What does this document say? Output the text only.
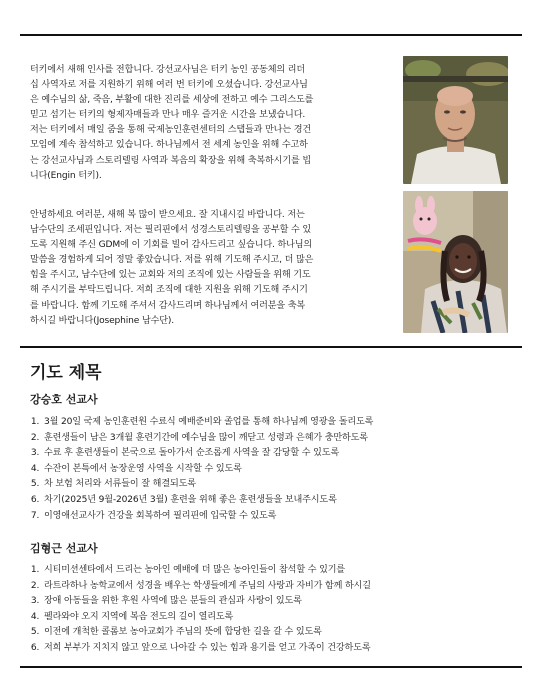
터키에서 새해 인사를 전합니다. 강선교사님은 터키 농인 공동체의 리더
십 사역자로 저를 지원하기 위해 여러 번 터키에 오셨습니다. 강선교사님
은 예수님의 삶, 죽음, 부활에 대한 진리를 세상에 전하고 예수 그리스도를
믿고 섬기는 터키의 형제자매들과 만나 매우 즐거운 시간을 보냈습니다.
저는 터키에서 매일 줌을 통해 국제농인훈련센터의 스탭들과 만나는 경건
모임에 계속 참석하고 있습니다. 하나님께서 전 세계 농인을 위해 수고하
는 강선교사님과 스토리텔링 사역과 복음의 확장을 위해 축복하시기를 빕
니다(Engin 터키).

안녕하세요 여러분, 새해 복 많이 받으세요. 잘 지내시길 바랍니다. 저는
남수단의 조세핀입니다. 저는 필리핀에서 성경스토리텔링을 공부할 수 있
도록 지원해 주신 GDM에 이 기회를 빌어 감사드리고 싶습니다. 하나님의
말씀을 경험하게 되어 정말 좋았습니다. 저를 위해 기도해 주시고, 더 많은
힘을 주시고, 남수단에 있는 교회와 저의 조직에 있는 사람들을 위해 기도
해 주시기를 부탁드립니다. 저희 조직에 대한 지원을 위해 기도해 주시기
를 바랍니다. 함께 기도해 주셔서 감사드리며 하나님께서 여러분을 축복
하시길 바랍니다(Josephine 남수단).

기도 제목
강승호 선교사
1. 3월 20일 국제 농인훈련원 수료식 예배준비와 졸업를 통해 하나님께 영광을 돌리도록
2. 훈련생들이 남은 3개월 훈련기간에 예수님을 많이 깨닫고 성령과 은혜가 충만하도록
3. 수료 후 훈련생들이 본국으로 돌아가서 순조롭게 사역을 잘 감당할 수 있도록
4. 수잔이 본특에서 농장운영 사역을 시작할 수 있도록
5. 차 보험 처리와 서류들이 잘 해결되도록
6. 차기(2025년 9월-2026년 3월) 훈련을 위해 좋은 훈련생들을 보내주시도록
7. 이영애선교사가 건강을 회복하여 필리핀에 입국할 수 있도록
김형근 선교사
1. 시티미션센타에서 드리는 농아인 예배에 더 많은 농아인들이 참석할 수 있기를
2. 라트라하나 농학교에서 성경을 배우는 학생들에게 주님의 사랑과 자비가 함께 하시길
3. 장애 아동들을 위한 후원 사역에 많은 분들의 관심과 사랑이 있도록
4. 펠라와야 오지 지역에 복음 전도의 길이 열리도록
5. 이전에 개척한 콜롬보 농아교회가 주님의 뜻에 합당한 길을 갈 수 있도록
6. 저희 부부가 지치지 않고 앞으로 나아갈 수 있는 힘과 용기를 얻고 가족이 건강하도록
